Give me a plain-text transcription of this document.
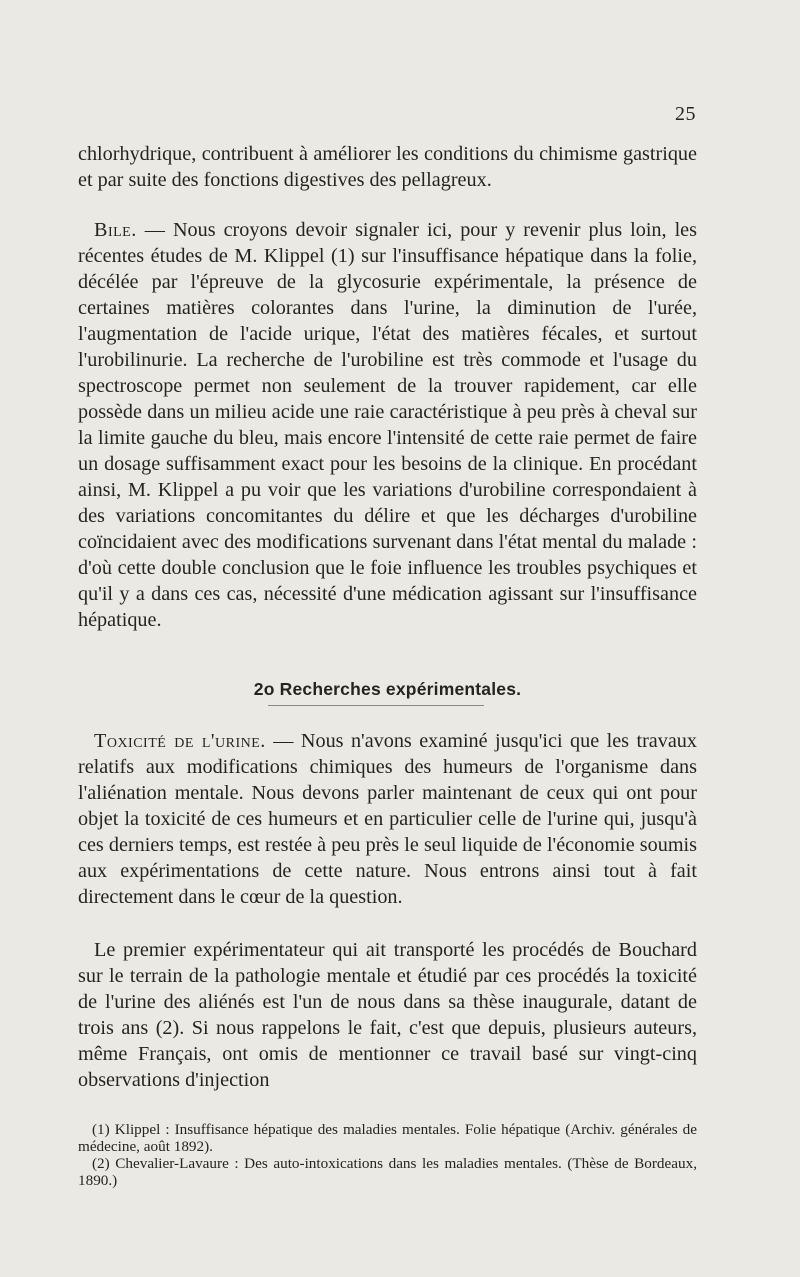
25

chlorhydrique, contribuent à améliorer les conditions du chimisme gastrique et par suite des fonctions digestives des pellagreux.

Bile. — Nous croyons devoir signaler ici, pour y revenir plus loin, les récentes études de M. Klippel (1) sur l'insuffisance hépatique dans la folie, décélée par l'épreuve de la glycosurie expérimentale, la présence de certaines matières colorantes dans l'urine, la diminution de l'urée, l'augmentation de l'acide urique, l'état des matières fécales, et surtout l'urobilinurie. La recherche de l'urobiline est très commode et l'usage du spectroscope permet non seulement de la trouver rapidement, car elle possède dans un milieu acide une raie caractéristique à peu près à cheval sur la limite gauche du bleu, mais encore l'intensité de cette raie permet de faire un dosage suffisamment exact pour les besoins de la clinique. En procédant ainsi, M. Klippel a pu voir que les variations d'urobiline correspondaient à des variations concomitantes du délire et que les décharges d'urobiline coïncidaient avec des modifications survenant dans l'état mental du malade : d'où cette double conclusion que le foie influence les troubles psychiques et qu'il y a dans ces cas, nécessité d'une médication agissant sur l'insuffisance hépatique.

2o Recherches expérimentales.

Toxicité de l'urine. — Nous n'avons examiné jusqu'ici que les travaux relatifs aux modifications chimiques des humeurs de l'organisme dans l'aliénation mentale. Nous devons parler maintenant de ceux qui ont pour objet la toxicité de ces humeurs et en particulier celle de l'urine qui, jusqu'à ces derniers temps, est restée à peu près le seul liquide de l'économie soumis aux expérimentations de cette nature. Nous entrons ainsi tout à fait directement dans le cœur de la question.

Le premier expérimentateur qui ait transporté les procédés de Bouchard sur le terrain de la pathologie mentale et étudié par ces procédés la toxicité de l'urine des aliénés est l'un de nous dans sa thèse inaugurale, datant de trois ans (2). Si nous rappelons le fait, c'est que depuis, plusieurs auteurs, même Français, ont omis de mentionner ce travail basé sur vingt-cinq observations d'injection

(1) Klippel : Insuffisance hépatique des maladies mentales. Folie hépatique (Archiv. générales de médecine, août 1892).

(2) Chevalier-Lavaure : Des auto-intoxications dans les maladies mentales. (Thèse de Bordeaux, 1890.)
